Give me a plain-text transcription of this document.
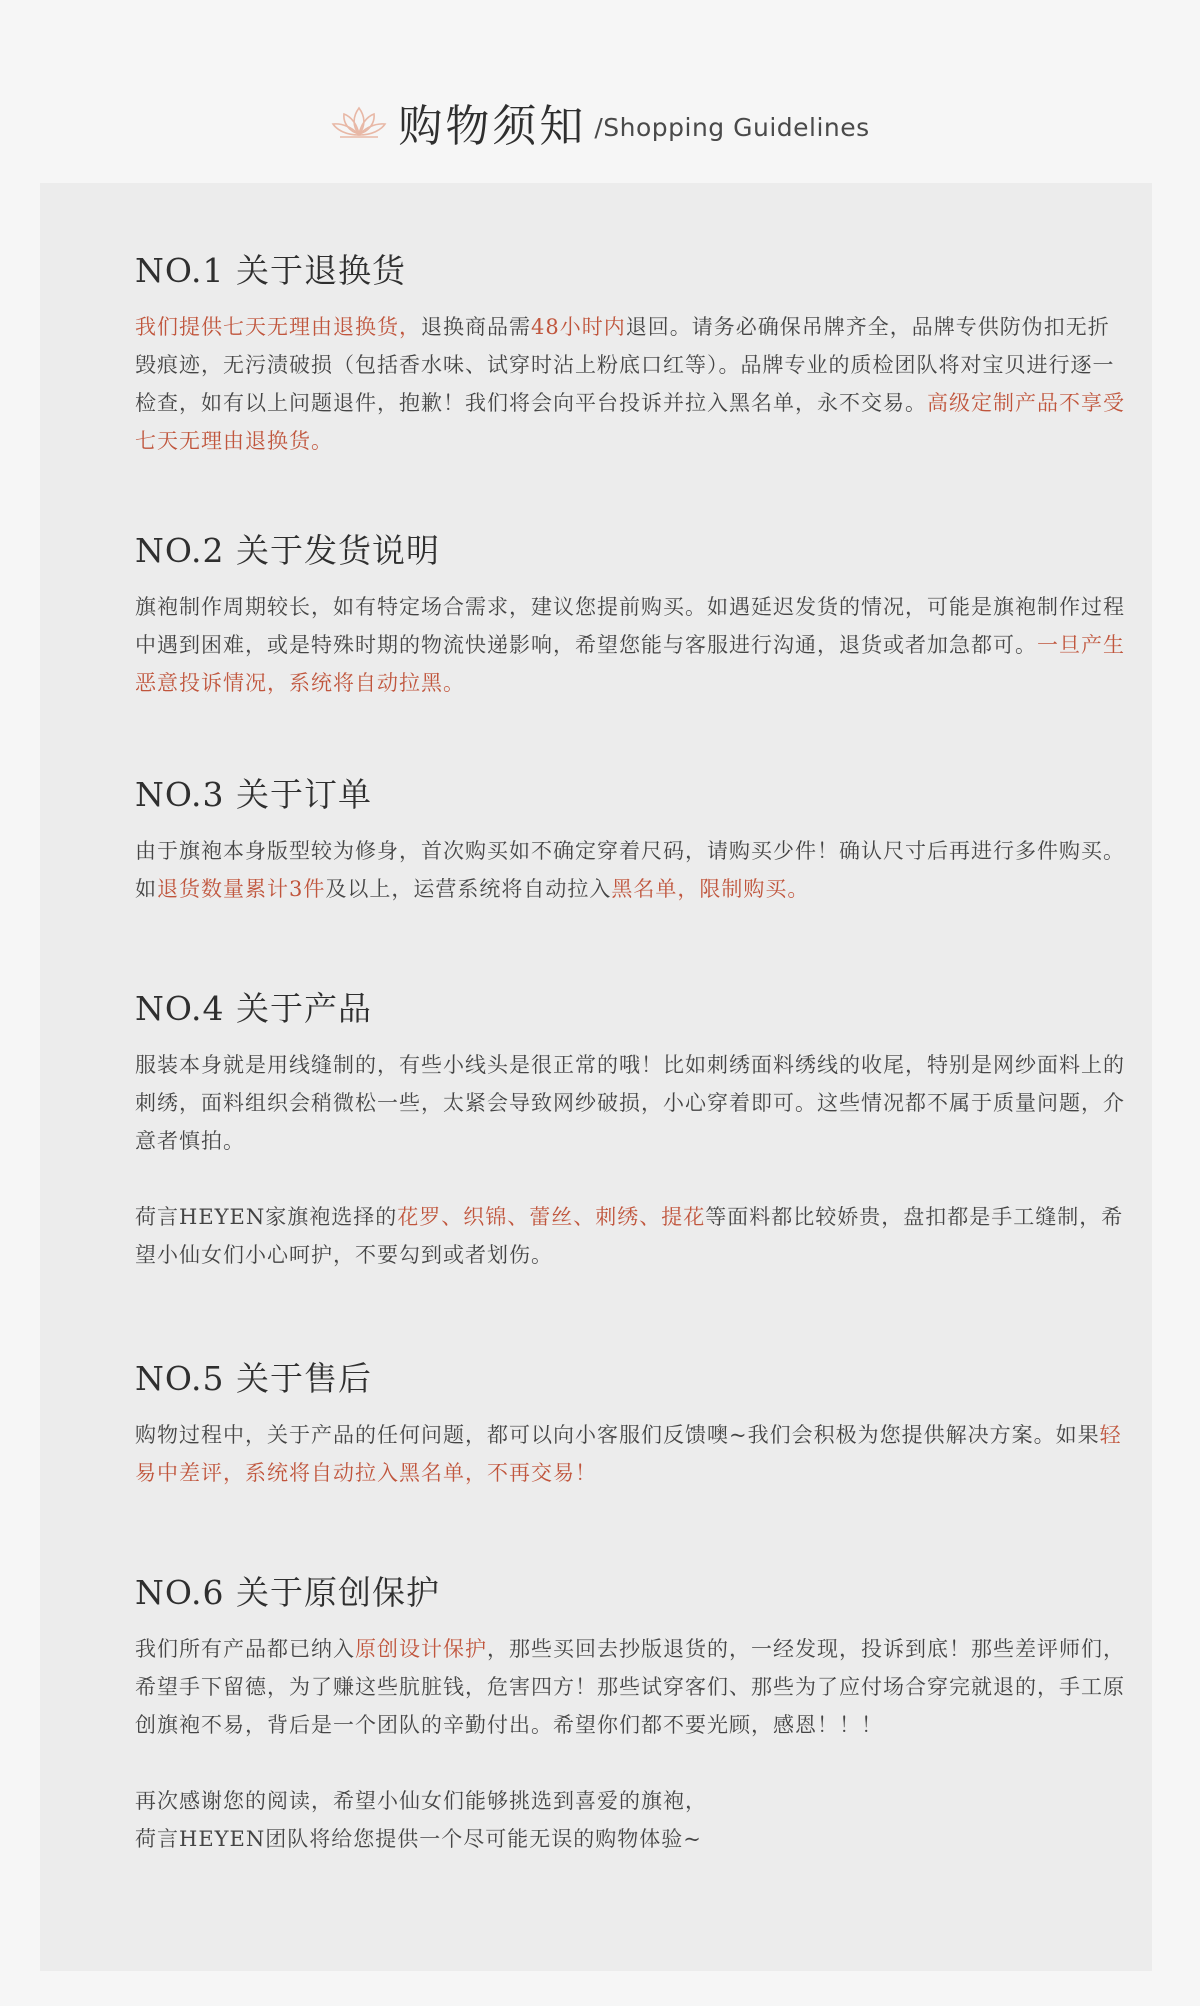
购物须知 /Shopping Guidelines
NO.1 关于退换货

我们提供七天无理由退换货，退换商品需48小时内退回。请务必确保吊牌齐全，品牌专供防伪扣无折毁痕迹，无污渍破损（包括香水味、试穿时沾上粉底口红等）。品牌专业的质检团队将对宝贝进行逐一检查，如有以上问题退件，抱歉！我们将会向平台投诉并拉入黑名单，永不交易。高级定制产品不享受七天无理由退换货。

NO.2 关于发货说明

旗袍制作周期较长，如有特定场合需求，建议您提前购买。如遇延迟发货的情况，可能是旗袍制作过程中遇到困难，或是特殊时期的物流快递影响，希望您能与客服进行沟通，退货或者加急都可。一旦产生恶意投诉情况，系统将自动拉黑。

NO.3 关于订单

由于旗袍本身版型较为修身，首次购买如不确定穿着尺码，请购买少件！确认尺寸后再进行多件购买。如退货数量累计3件及以上，运营系统将自动拉入黑名单，限制购买。

NO.4 关于产品

服装本身就是用线缝制的，有些小线头是很正常的哦！比如刺绣面料绣线的收尾，特别是网纱面料上的刺绣，面料组织会稍微松一些，太紧会导致网纱破损，小心穿着即可。这些情况都不属于质量问题，介意者慎拍。

荷言HEYEN家旗袍选择的花罗、织锦、蕾丝、刺绣、提花等面料都比较娇贵，盘扣都是手工缝制，希望小仙女们小心呵护，不要勾到或者划伤。

NO.5 关于售后

购物过程中，关于产品的任何问题，都可以向小客服们反馈噢~我们会积极为您提供解决方案。如果轻易中差评，系统将自动拉入黑名单，不再交易！

NO.6 关于原创保护

我们所有产品都已纳入原创设计保护，那些买回去抄版退货的，一经发现，投诉到底！那些差评师们，希望手下留德，为了赚这些肮脏钱，危害四方！那些试穿客们、那些为了应付场合穿完就退的，手工原创旗袍不易，背后是一个团队的辛勤付出。希望你们都不要光顾，感恩！！！

再次感谢您的阅读，希望小仙女们能够挑选到喜爱的旗袍，
荷言HEYEN团队将给您提供一个尽可能无误的购物体验~
